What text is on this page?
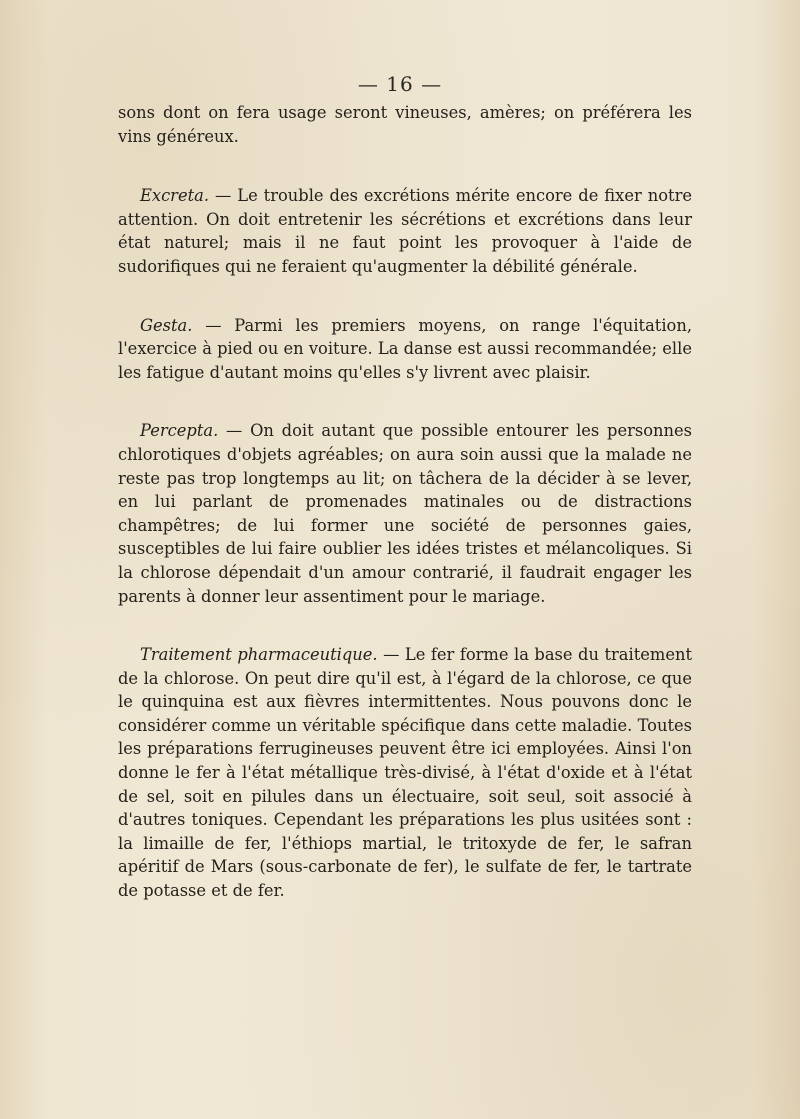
— 16 —

sons dont on fera usage seront vineuses, amères; on préférera les vins généreux.

Excreta. — Le trouble des excrétions mérite encore de fixer notre attention. On doit entretenir les sécrétions et excrétions dans leur état naturel; mais il ne faut point les provoquer à l'aide de sudorifiques qui ne feraient qu'augmenter la débilité générale.

Gesta. — Parmi les premiers moyens, on range l'équitation, l'exercice à pied ou en voiture. La danse est aussi recommandée; elle les fatigue d'autant moins qu'elles s'y livrent avec plaisir.

Percepta. — On doit autant que possible entourer les personnes chlorotiques d'objets agréables; on aura soin aussi que la malade ne reste pas trop longtemps au lit; on tâchera de la décider à se lever, en lui parlant de promenades matinales ou de distractions champêtres; de lui former une société de personnes gaies, susceptibles de lui faire oublier les idées tristes et mélancoliques. Si la chlorose dépendait d'un amour contrarié, il faudrait engager les parents à donner leur assentiment pour le mariage.

Traitement pharmaceutique. — Le fer forme la base du traitement de la chlorose. On peut dire qu'il est, à l'égard de la chlorose, ce que le quinquina est aux fièvres intermittentes. Nous pouvons donc le considérer comme un véritable spécifique dans cette maladie. Toutes les préparations ferrugineuses peuvent être ici employées. Ainsi l'on donne le fer à l'état métallique très-divisé, à l'état d'oxide et à l'état de sel, soit en pilules dans un électuaire, soit seul, soit associé à d'autres toniques. Cependant les préparations les plus usitées sont : la limaille de fer, l'éthiops martial, le tritoxyde de fer, le safran apéritif de Mars (sous-carbonate de fer), le sulfate de fer, le tartrate de potasse et de fer.
